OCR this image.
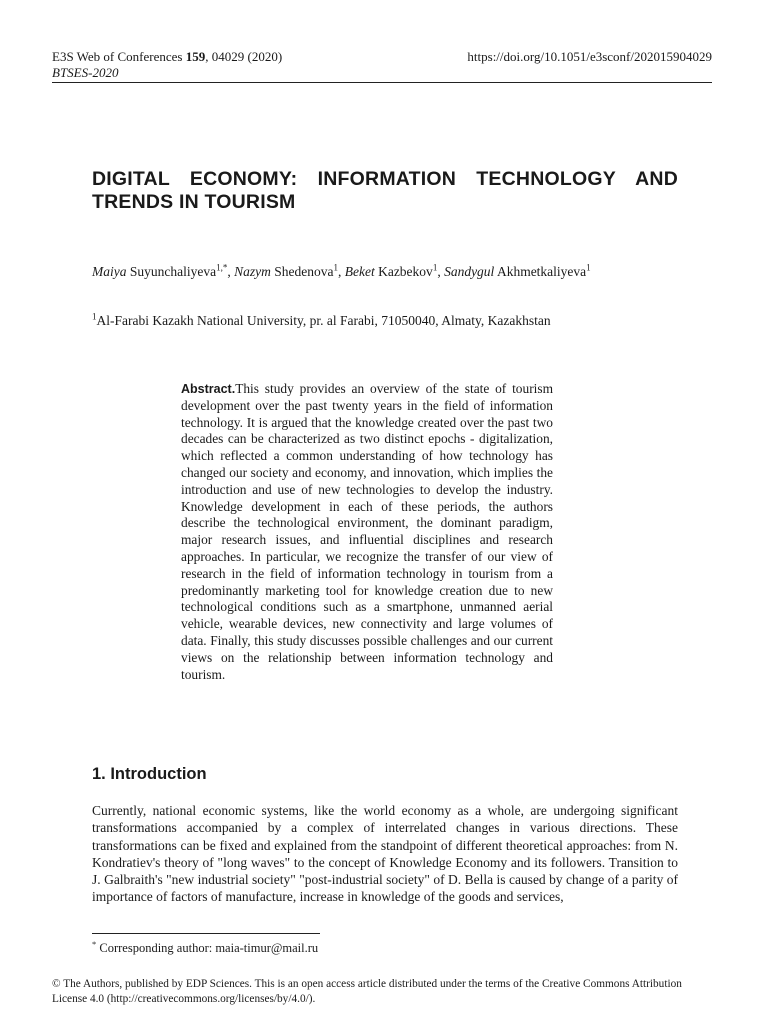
E3S Web of Conferences 159, 04029 (2020)
BTSES-2020
https://doi.org/10.1051/e3sconf/202015904029
DIGITAL ECONOMY: INFORMATION TECHNOLOGY AND TRENDS IN TOURISM
Maiya Suyunchaliyeva$^{1,*}$, Nazym Shedenova$^1$, Beket Kazbekov$^1$, Sandygul Akhmetkaliyeva$^1$
$^1$Al-Farabi Kazakh National University, pr. al Farabi, 71050040, Almaty, Kazakhstan
Abstract.This study provides an overview of the state of tourism development over the past twenty years in the field of information technology. It is argued that the knowledge created over the past two decades can be characterized as two distinct epochs - digitalization, which reflected a common understanding of how technology has changed our society and economy, and innovation, which implies the introduction and use of new technologies to develop the industry. Knowledge development in each of these periods, the authors describe the technological environment, the dominant paradigm, major research issues, and influential disciplines and research approaches. In particular, we recognize the transfer of our view of research in the field of information technology in tourism from a predominantly marketing tool for knowledge creation due to new technological conditions such as a smartphone, unmanned aerial vehicle, wearable devices, new connectivity and large volumes of data. Finally, this study discusses possible challenges and our current views on the relationship between information technology and tourism.
1. Introduction
Currently, national economic systems, like the world economy as a whole, are undergoing significant transformations accompanied by a complex of interrelated changes in various directions. These transformations can be fixed and explained from the standpoint of different theoretical approaches: from N. Kondratiev's theory of "long waves" to the concept of Knowledge Economy and its followers. Transition to J. Galbraith's "new industrial society" "post-industrial society" of D. Bella is caused by change of a parity of importance of factors of manufacture, increase in knowledge of the goods and services,
* Corresponding author: maia-timur@mail.ru
© The Authors, published by EDP Sciences. This is an open access article distributed under the terms of the Creative Commons Attribution License 4.0 (http://creativecommons.org/licenses/by/4.0/).
